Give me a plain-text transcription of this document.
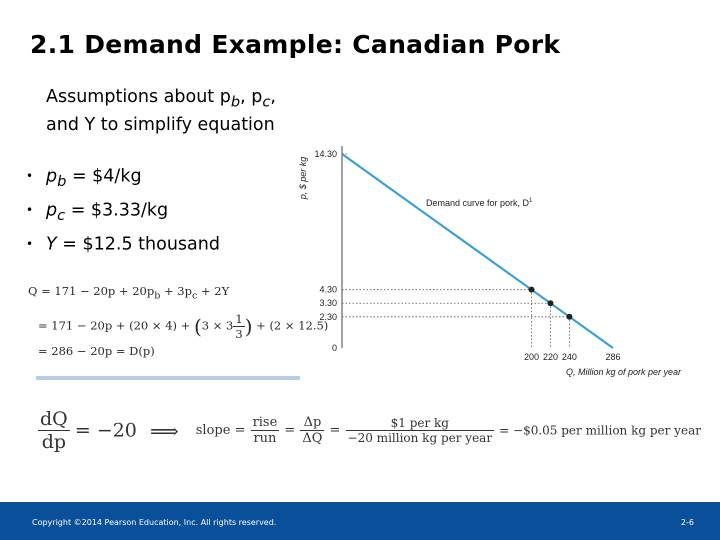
2.1 Demand Example: Canadian Pork
Assumptions about $p_b$, $p_c$, and Y to simplify equation
• $p_b$ = $4/kg
• $p_c$ = $3.33/kg
• Y = $12.5 thousand
$Q = 171 - 20p + 20p_b + 3p_c + 2Y$
= $171 - 20p + (20 \times 4) + (3 \times 3 \frac{1}{3}$ ) + (2 × 12.5)
= 286 − 20p = D(p)
14.30
4.30
3.30
2.30
0
200 220 240	286
p, $ per kg
Q, Million kg of pork per year
Demand curve for pork, $D^1$
$\frac{dQ}{dp} = -20$ ⟹ slope = $\frac{\text{rise}}{\text{run}} = \frac{\Delta p}{\Delta Q} = \frac{\text{\$1 per kg}}{\text{−20 million kg per year}}$ = −$0.05 per million kg per year
Copyright ©2014 Pearson Education, Inc. All rights reserved.	2-6
